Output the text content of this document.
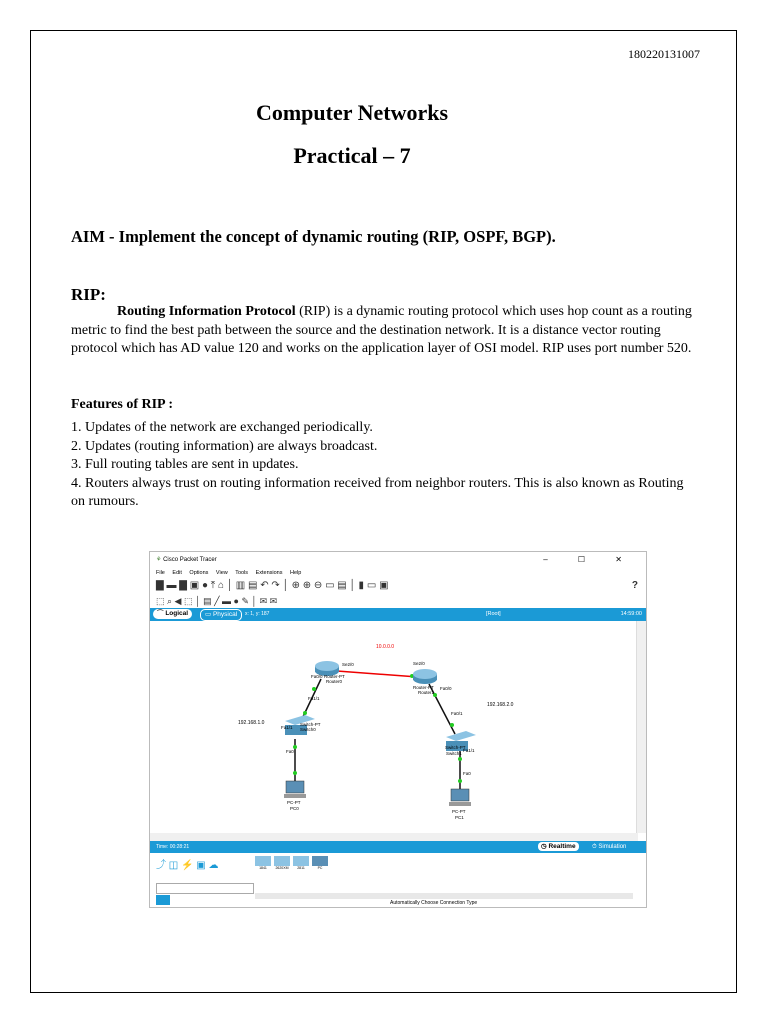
180220131007
Computer Networks
Practical – 7
AIM - Implement the concept of dynamic routing (RIP, OSPF, BGP).
RIP:
Routing Information Protocol (RIP) is a dynamic routing protocol which uses hop count as a routing metric to find the best path between the source and the destination network. It is a distance vector routing protocol which has AD value 120 and works on the application layer of OSI model. RIP uses port number 520.
Features of RIP :
1. Updates of the network are exchanged periodically.
2. Updates (routing information) are always broadcast.
3. Full routing tables are sent in updates.
4. Routers always trust on routing information received from neighbor routers. This is also known as Routing on rumours.
⚘ Cisco Packet Tracer	– ☐ ✕
File Edit Options View Tools Extensions Help
▇ ▬ ▇ ▣ ● ⤒ ⌂ │ ▥ ▤ ↶ ↷ │ ⊕ ⊕ ⊖ ▭ ▤ │ ▮ ▭ ▣	?
⬚ ⌕ ◀ ⬚ │ ▤ ╱ ▬ ● ✎ │ ✉ ✉
⌒ Logical	▭ Physical	x: 1, y: 187	[Root]	14:59:00
10.0.0.0
192.168.1.0
192.168.2.0
Se2/0
Fa0/0 Router-PT
Router0
Fa1/1
Switch-PT
Switch0
Fa1/1
Fa0
PC-PT
PC0
Se2/0
Router-PT
Router1
Fa0/0
Fa0/1
Switch-PT
Switch1
Fa1/1
Fa0
PC-PT
PC1
Time: 00:28:21	◷ Realtime	⏱ Simulation
⤴ ◫ ⚡ ▣ ☁	1841	2620XM	2811	PC
Automatically Choose Connection Type
